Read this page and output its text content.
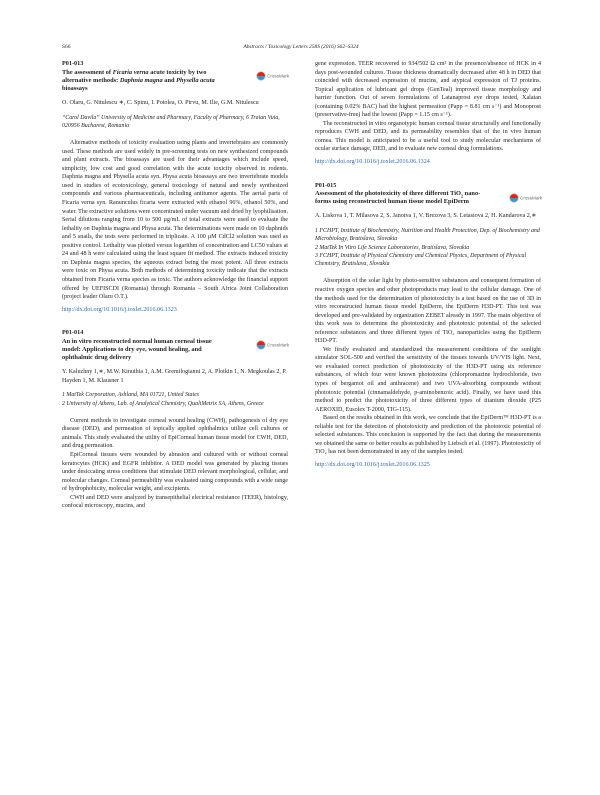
S66	Abstracts / Toxicology Letters 258S (2016) S62–S324
P01-013
The assessment of Ficaria verna acute toxicity by two alternative methods: Daphnia magna and Physella acuta bioassays
CrossMark
O. Olaru, G. Nitulescu ∗, C. Spinu, I. Potolea, O. Pirvu, M. Ilie, G.M. Nitulescu
“Carol Davila” University of Medicine and Pharmacy, Faculty of Pharmacy, 6 Traian Vuia, 020956 Bucharest, Romania

Alternative methods of toxicity evaluation using plants and invertebrates are commonly used. These methods are used widely in pre-screening tests on new synthesized compounds and plant extracts. The bioassays are used for their advantages which include speed, simplicity, low cost and good correlation with the acute toxicity observed in rodents. Daphnia magna and Physella acuta syn. Physa acuta bioassays are two invertebrate models used in studies of ecotoxicology, general toxicology of natural and newly synthesized compounds and various pharmaceuticals, including antitumor agents. The aerial parts of Ficaria verna syn. Ranunculus ficaria were extracted with ethanol 96%, ethanol 50%, and water. The extractive solutions were concentrated under vacuum and dried by lyophilisation. Serial dilutions ranging from 10 to 500 μg/mL of total extracts were used to evaluate the lethality on Daphnia magna and Physa acuta. The determinations were made on 10 daphnids and 5 snails, the tests were performed in triplicate. A 100 μM CdCl2 solution was used as positive control. Lethality was plotted versus logarithm of concentration and LC50 values at 24 and 48 h were calculated using the least square fit method. The extracts induced toxicity on Daphnia magna species, the aqueous extract being the most potent. All three extracts were toxic on Physa acuta. Both methods of determining toxicity indicate that the extracts obtained from Ficaria verna species as toxic. The authors acknowledge the financial support offered by UEFISCDI (Romania) through Romania – South Africa Joint Collaboration (project leader Olaru O.T.).

http://dx.doi.org/10.1016/j.toxlet.2016.06.1323
P01-014
An in vitro reconstructed normal human corneal tissue model: Applications to dry eye, wound healing, and ophthalmic drug delivery
CrossMark
Y. Kaluzhny 1,∗, M.W. Kinuthia 1, A.M. Gremilogianni 2, A. Plotkin 1, N. Megkoulas 2, P. Hayden 1, M. Klausner 1
1 MatTek Corporation, Ashland, MA 01721, United States
2 University of Athens, Lab. of Analytical Chemistry, QualiMetrix SA, Athens, Greece

Current methods to investigate corneal wound healing (CWH), pathogenesis of dry eye disease (DED), and permeation of topically applied ophthalmics utilize cell cultures or animals. This study evaluated the utility of EpiCorneal human tissue model for CWH, DED, and drug permeation.

EpiCorneal tissues were wounded by abrasion and cultured with or without corneal keratocytes (HCK) and EGFR inhibitor. A DED model was generated by placing tissues under desiccating stress conditions that stimulate DED relevant morphological, cellular, and molecular changes. Corneal permeability was evaluated using compounds with a wide range of hydrophobicity, molecular weight, and excipients.

CWH and DED were analyzed by transepithelial electrical resistance (TEER), histology, confocal microscopy, mucins, and

gene expression. TEER recovered to 934/502 Ω cm² in the presence/absence of HCK in 4 days post-wounded cultures. Tissue thickness dramatically decreased after 48 h in DED that coincided with decreased expression of mucins, and atypical expression of TJ proteins. Topical application of lubricant gel drops (GenTeal) improved tissue morphology and barrier function. Out of seven formulations of Latanaprost eye drops tested, Xalatan (containing 0.02% BAC) had the highest permeation (Papp = 8.81 cm s⁻¹) and Monoprost (preservative-free) had the lowest (Papp = 1.15 cm s⁻¹).

The reconstructed in vitro organotypic human corneal tissue structurally and functionally reproduces CWH and DED, and its permeability resembles that of the in vivo human cornea. This model is anticipated to be a useful tool to study molecular mechanisms of ocular surface damage, DED, and to evaluate new corneal drug formulations.

http://dx.doi.org/10.1016/j.toxlet.2016.06.1324
P01-015
Assessment of the phototoxicity of three different TiO$_2$ nano-forms using reconstructed human tissue model EpiDerm
CrossMark
A. Liskova 1, T. Milasova 2, S. Janotva 1, V. Brezova 3, S. Letasiova 2, H. Kandarova 2,∗
1 FCHPT, Institute of Biochemistry, Nutrition and Health Protection, Dep. of Biochemistry and Microbiology, Bratislava, Slovakia
2 MatTek In Vitro Life Science Laboratories, Bratislava, Slovakia
3 FCHPT, Institute of Physical Chemistry and Chemical Physics, Department of Physical Chemistry, Bratislava, Slovakia

Absorption of the solar light by photo-sensitive substances and consequent formation of reactive oxygen species and other photoproducts may lead to the cellular damage. One of the methods used for the determination of phototoxicity is a test based on the use of 3D in vitro reconstructed human tissue model EpiDerm, the EpiDerm H3D-PT. This test was developed and pre-validated by organization ZEBET already in 1997. The main objective of this work was to determine the phototoxicity and phototoxic potential of the selected reference substances and three different types of TiO₂ nanoparticles using the EpiDerm H3D-PT.

We firstly evaluated and standardized the measurement conditions of the sunlight simulator SOL-500 and verified the sensitivity of the tissues towards UV/VIS light. Next, we evaluated correct prediction of phototoxicity of the H3D-PT using six reference substances, of which four were known phototoxins (chlorpromazine hydrochloride, two types of bergamot oil and anthracene) and two UVA-absorbing compounds without phototoxic potential (cinnamaldehyde, p-aminobenzoic acid). Finally, we have used this method to predict the phototoxicity of three different types of titanium dioxide (P25 AEROXID, Eusolex T-2000, TIG-115).

Based on the results obtained in this work, we conclude that the EpiDermᵀᴹ H3D-PT is a reliable test for the detection of phototoxicity and prediction of the phototoxic potential of selected substances. This conclusion is supported by the fact that during the measurements we obtained the same or better results as published by Liebsch et al. (1997). Phototoxicity of TiO₂ has not been demonstrated in any of the samples tested.

http://dx.doi.org/10.1016/j.toxlet.2016.06.1325
